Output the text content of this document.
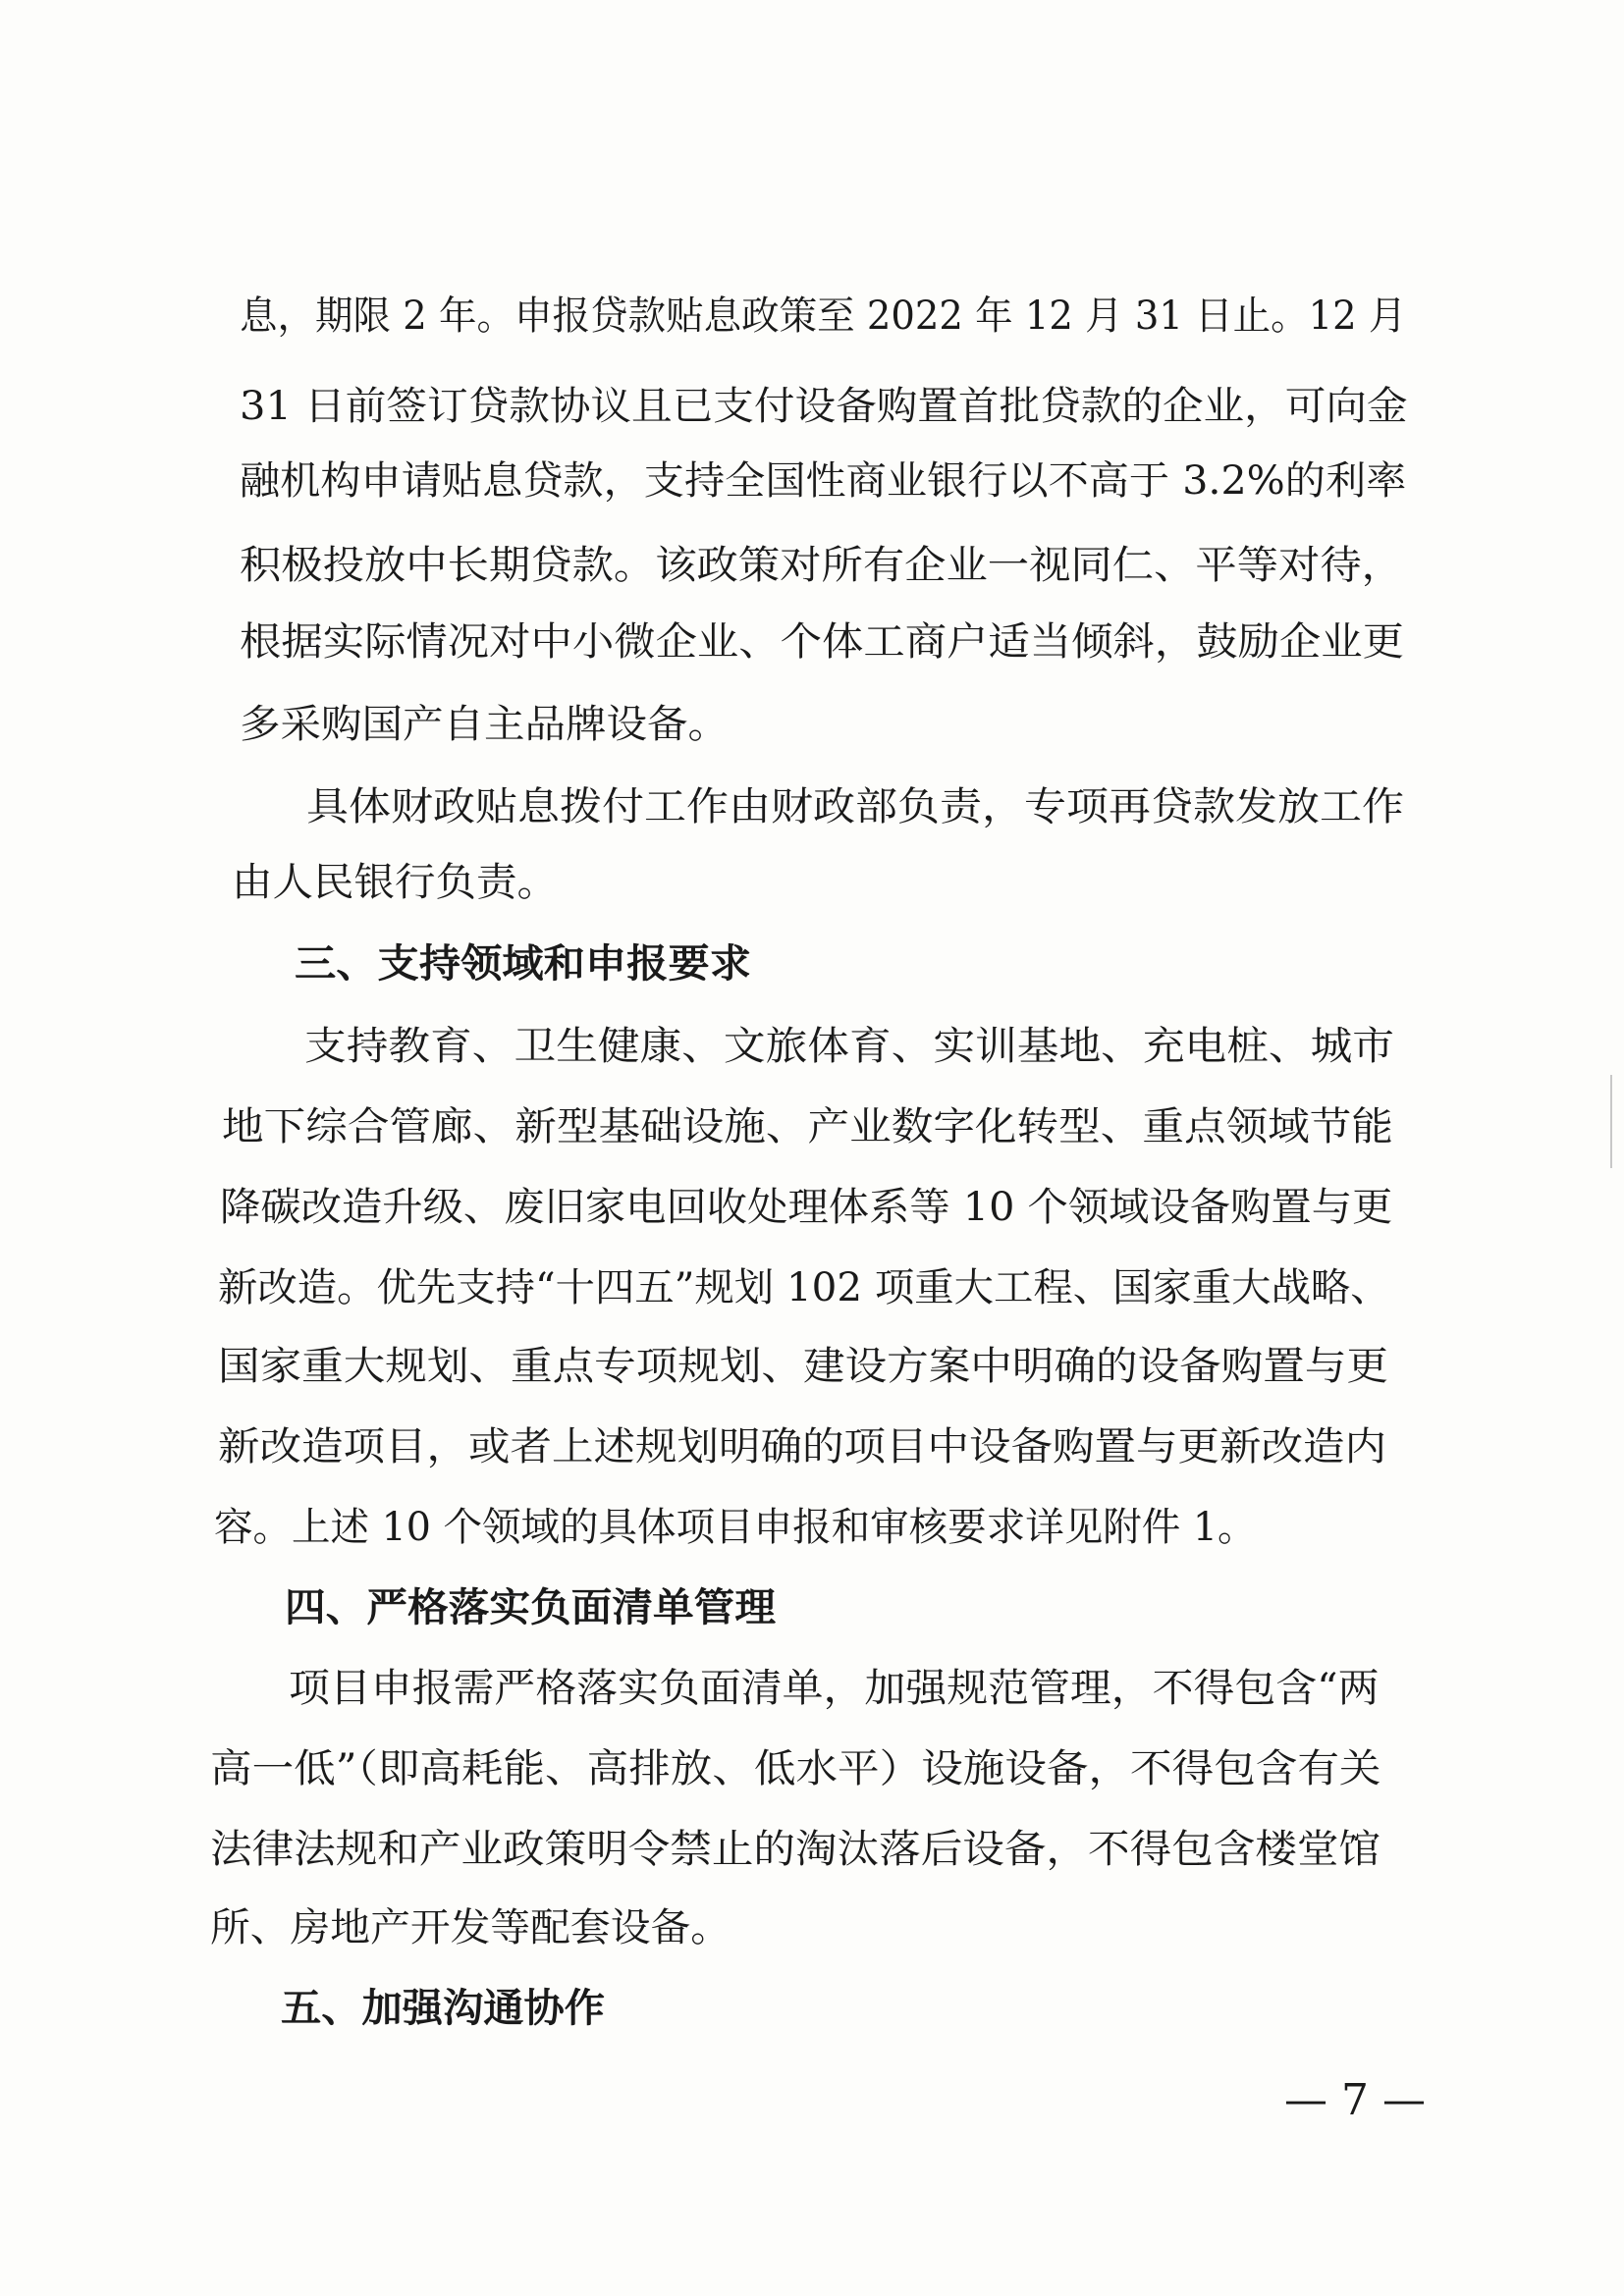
息，期限 2 年。申报贷款贴息政策至 2022 年 12 月 31 日止。12 月
31 日前签订贷款协议且已支付设备购置首批贷款的企业，可向金
融机构申请贴息贷款，支持全国性商业银行以不高于 3.2%的利率
积极投放中长期贷款。该政策对所有企业一视同仁、平等对待，
根据实际情况对中小微企业、个体工商户适当倾斜，鼓励企业更
多采购国产自主品牌设备。
具体财政贴息拨付工作由财政部负责，专项再贷款发放工作
由人民银行负责。
三、支持领域和申报要求
支持教育、卫生健康、文旅体育、实训基地、充电桩、城市
地下综合管廊、新型基础设施、产业数字化转型、重点领域节能
降碳改造升级、废旧家电回收处理体系等 10 个领域设备购置与更
新改造。优先支持“十四五”规划 102 项重大工程、国家重大战略、
国家重大规划、重点专项规划、建设方案中明确的设备购置与更
新改造项目，或者上述规划明确的项目中设备购置与更新改造内
容。上述 10 个领域的具体项目申报和审核要求详见附件 1。
四、严格落实负面清单管理
项目申报需严格落实负面清单，加强规范管理，不得包含“两
高一低”（即高耗能、高排放、低水平）设施设备，不得包含有关
法律法规和产业政策明令禁止的淘汰落后设备，不得包含楼堂馆
所、房地产开发等配套设备。
五、加强沟通协作
— 7 —
